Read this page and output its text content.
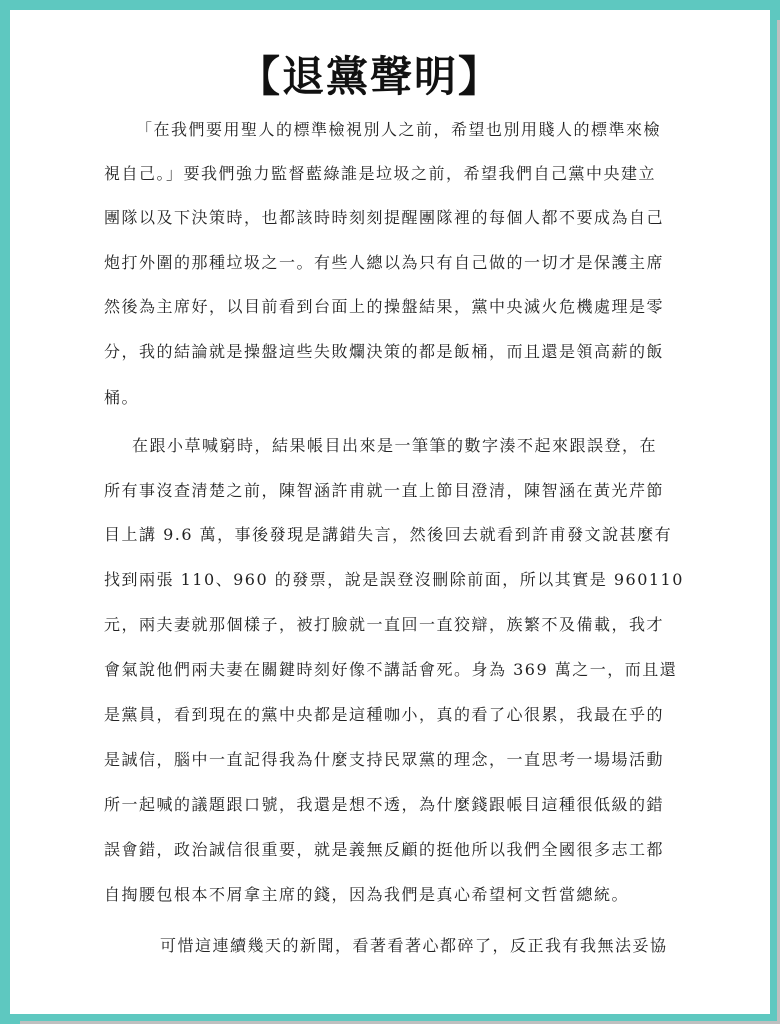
【退黨聲明】
「在我們要用聖人的標準檢視別人之前，希望也別用賤人的標準來檢
視自己。」要我們強力監督藍綠誰是垃圾之前，希望我們自己黨中央建立
團隊以及下決策時，也都該時時刻刻提醒團隊裡的每個人都不要成為自己
炮打外圍的那種垃圾之一。有些人總以為只有自己做的一切才是保護主席
然後為主席好，以目前看到台面上的操盤結果，黨中央滅火危機處理是零
分，我的結論就是操盤這些失敗爛決策的都是飯桶，而且還是領高薪的飯
桶。
在跟小草喊窮時，結果帳目出來是一筆筆的數字湊不起來跟誤登，在
所有事沒查清楚之前，陳智涵許甫就一直上節目澄清，陳智涵在黃光芹節
目上講 9.6 萬，事後發現是講錯失言，然後回去就看到許甫發文說甚麼有
找到兩張 110、960 的發票，說是誤登沒刪除前面，所以其實是 960110
元，兩夫妻就那個樣子，被打臉就一直回一直狡辯，族繁不及備載，我才
會氣說他們兩夫妻在關鍵時刻好像不講話會死。身為 369 萬之一，而且還
是黨員，看到現在的黨中央都是這種咖小，真的看了心很累，我最在乎的
是誠信，腦中一直記得我為什麼支持民眾黨的理念，一直思考一場場活動
所一起喊的議題跟口號，我還是想不透，為什麼錢跟帳目這種很低級的錯
誤會錯，政治誠信很重要，就是義無反顧的挺他所以我們全國很多志工都
自掏腰包根本不屑拿主席的錢，因為我們是真心希望柯文哲當總統。
可惜這連續幾天的新聞，看著看著心都碎了，反正我有我無法妥協
